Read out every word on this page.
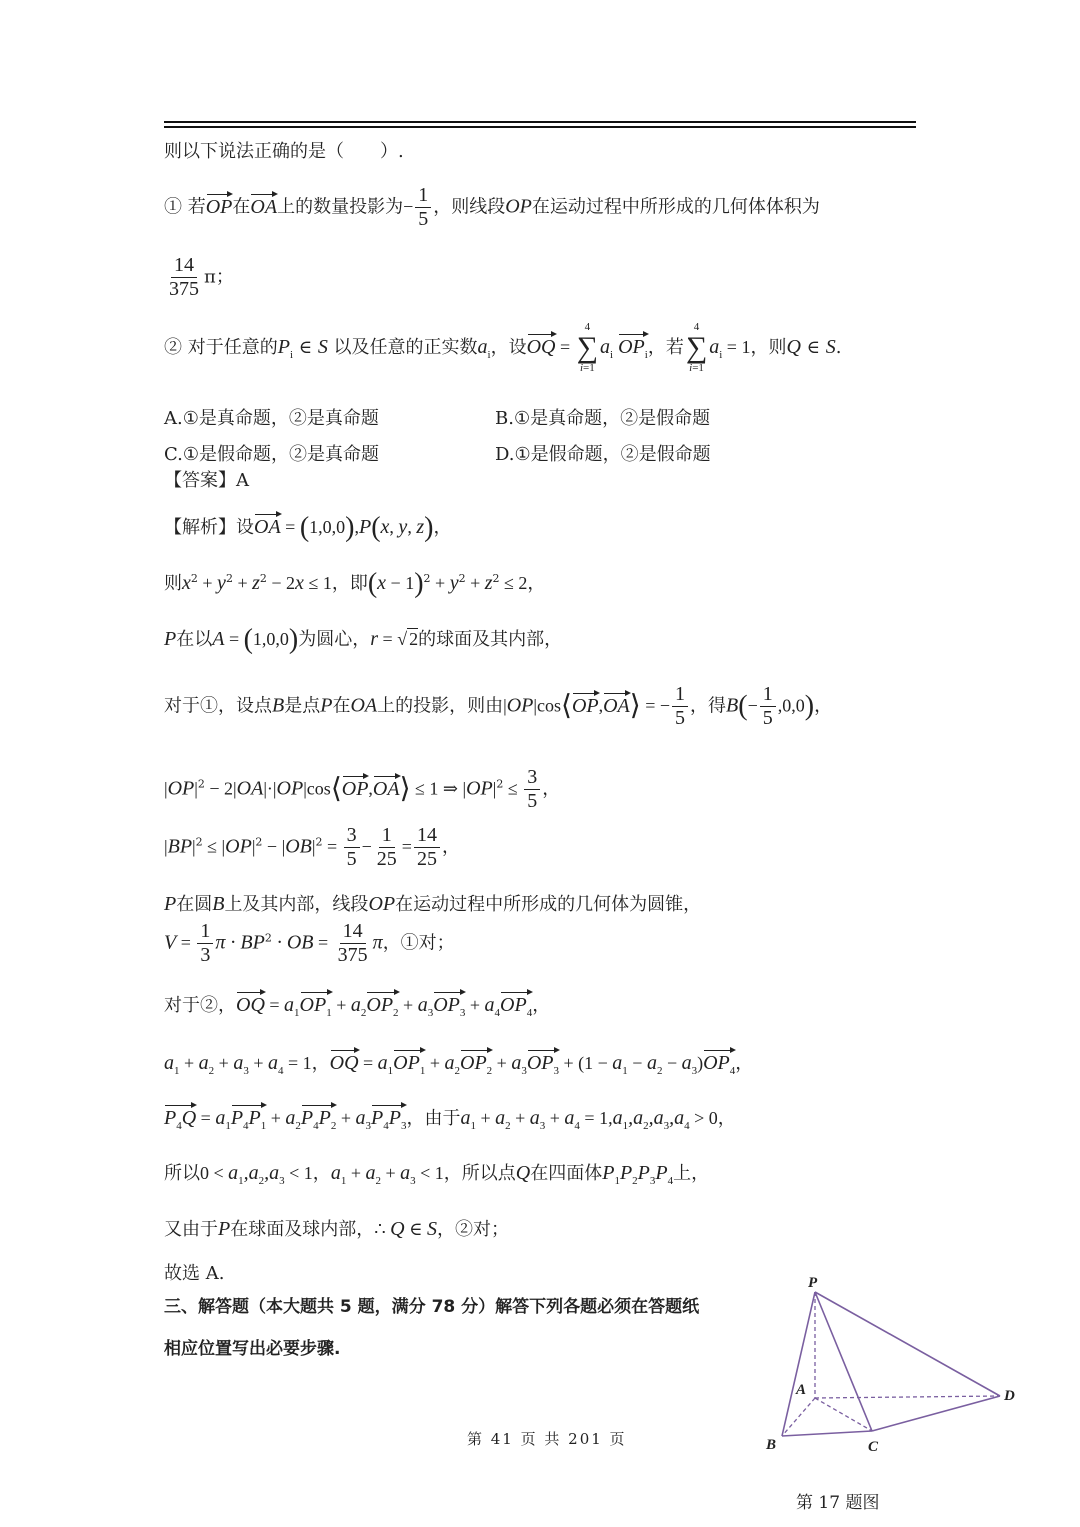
则以下说法正确的是（　　）.
① 若OP在OA上的数量投影为− $\frac{1}{5}$ ，则线段OP在运动过程中所形成的几何体体积为
$\frac{14}{375}$ π；
② 对于任意的$P_i$ ∈ S 以及任意的正实数$a_i$，设OQ =
4
∑
i=1
$a_i$ $OP_i$，若
4
∑
i=1
$a_i = 1$，则Q ∈ S.
A.①是真命题，②是真命题	B.①是真命题，②是假命题
C.①是假命题，②是真命题	D.①是假命题，②是假命题
【答案】A
【解析】设OA = (1,0,0),P(x, y, z)，
则$x^2 + y^2 + z^2 - 2x \le 1$，即$(x - 1)^2 + y^2 + z^2 \le 2$，
P在以A = (1,0,0)为圆心，r = √ 2的球面及其内部，
对于①，设点B是点P在OA上的投影，则由|OP|cos⟨OP,OA⟩ = − $\frac{1}{5}$ ，得$B(- \frac{1}{5} ,0,0)$，
$|OP|^2$ − 2|OA|·|OP|cos⟨OP,OA⟩ ≤ 1 ⇒ $|OP|^2 \le \frac{3}{5}$ ，
$|BP|^2 \le |OP|^2 - |OB|^2 = \frac{3}{5} - \frac{1}{25} = \frac{14}{25}$ ，
P在圆B上及其内部，线段OP在运动过程中所形成的几何体为圆锥，
$V = \frac{1}{3}$ $\pi \cdot BP^2$ · OB = $\frac{14}{375}$ π，①对；
对于②，OQ = $a_1OP_1 + a_2OP_2 + a_3OP_3 + a_4OP_4$，
$a_1 + a_2 + a_3 + a_4 = 1$，OQ = $a_1OP_1 + a_2OP_2 + a_3OP_3 + (1 - a_1 - a_2 - a_3)OP_4$，
$P_4Q = a_1P_4P_1 + a_2P_4P_2 + a_3P_4P_3$，由于$a_1 + a_2 + a_3 + a_4 = 1,a_1,a_2,a_3,a_4 > 0$，
所以$0 < a_1,a_2,a_3 < 1$，$a_1 + a_2 + a_3 < 1$，所以点Q在四面体$P_1P_2P_3P_4$上，
又由于P在球面及球内部，∴ Q ∈ S，②对；
故选 A.
三、解答题（本大题共 5 题，满分 78 分）解答下列各题必须在答题纸
相应位置写出必要步骤.
第 41 页 共 201 页
P
A
B	C
D
第 17 题图
